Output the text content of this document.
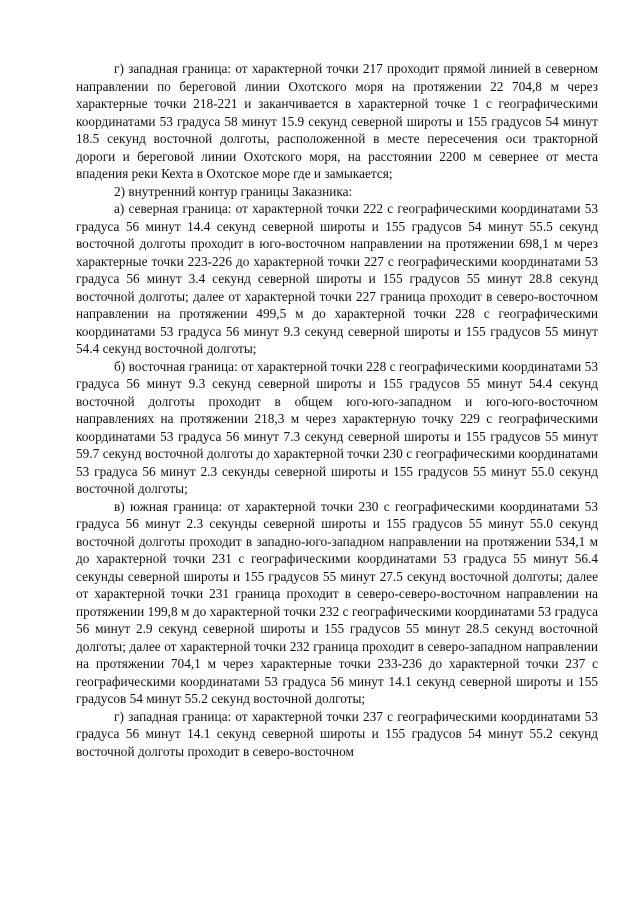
г) западная граница: от характерной точки 217 проходит прямой линией в северном направлении по береговой линии Охотского моря на протяжении 22 704,8 м через характерные точки 218-221 и заканчивается в характерной точке 1 с географическими координатами 53 градуса 58 минут 15.9 секунд северной широты и 155 градусов 54 минут 18.5 секунд восточной долготы, расположенной в месте пересечения оси тракторной дороги и береговой линии Охотского моря, на расстоянии 2200 м севернее от места впадения реки Кехта в Охотское море где и замыкается;

2) внутренний контур границы Заказника:

а) северная граница: от характерной точки 222 с географическими координатами 53 градуса 56 минут 14.4 секунд северной широты и 155 градусов 54 минут 55.5 секунд восточной долготы проходит в юго-восточном направлении на протяжении 698,1 м через характерные точки 223-226 до характерной точки 227 с географическими координатами 53 градуса 56 минут 3.4 секунд северной широты и 155 градусов 55 минут 28.8 секунд восточной долготы; далее от характерной точки 227 граница проходит в северо-восточном направлении на протяжении 499,5 м до характерной точки 228 с географическими координатами 53 градуса 56 минут 9.3 секунд северной широты и 155 градусов 55 минут 54.4 секунд восточной долготы;

б) восточная граница: от характерной точки 228 с географическими координатами 53 градуса 56 минут 9.3 секунд северной широты и 155 градусов 55 минут 54.4 секунд восточной долготы проходит в общем юго-юго-западном и юго-юго-восточном направлениях на протяжении 218,3 м через характерную точку 229 с географическими координатами 53 градуса 56 минут 7.3 секунд северной широты и 155 градусов 55 минут 59.7 секунд восточной долготы до характерной точки 230 с географическими координатами 53 градуса 56 минут 2.3 секунды северной широты и 155 градусов 55 минут 55.0 секунд восточной долготы;

в) южная граница: от характерной точки 230 с географическими координатами 53 градуса 56 минут 2.3 секунды северной широты и 155 градусов 55 минут 55.0 секунд восточной долготы проходит в западно-юго-западном направлении на протяжении 534,1 м до характерной точки 231 с географическими координатами 53 градуса 55 минут 56.4 секунды северной широты и 155 градусов 55 минут 27.5 секунд восточной долготы; далее от характерной точки 231 граница проходит в северо-северо-восточном направлении на протяжении 199,8 м до характерной точки 232 с географическими координатами 53 градуса 56 минут 2.9 секунд северной широты и 155 градусов 55 минут 28.5 секунд восточной долготы; далее от характерной точки 232 граница проходит в северо-западном направлении на протяжении 704,1 м через характерные точки 233-236 до характерной точки 237 с географическими координатами 53 градуса 56 минут 14.1 секунд северной широты и 155 градусов 54 минут 55.2 секунд восточной долготы;

г) западная граница: от характерной точки 237 с географическими координатами 53 градуса 56 минут 14.1 секунд северной широты и 155 градусов 54 минут 55.2 секунд восточной долготы проходит в северо-восточном
